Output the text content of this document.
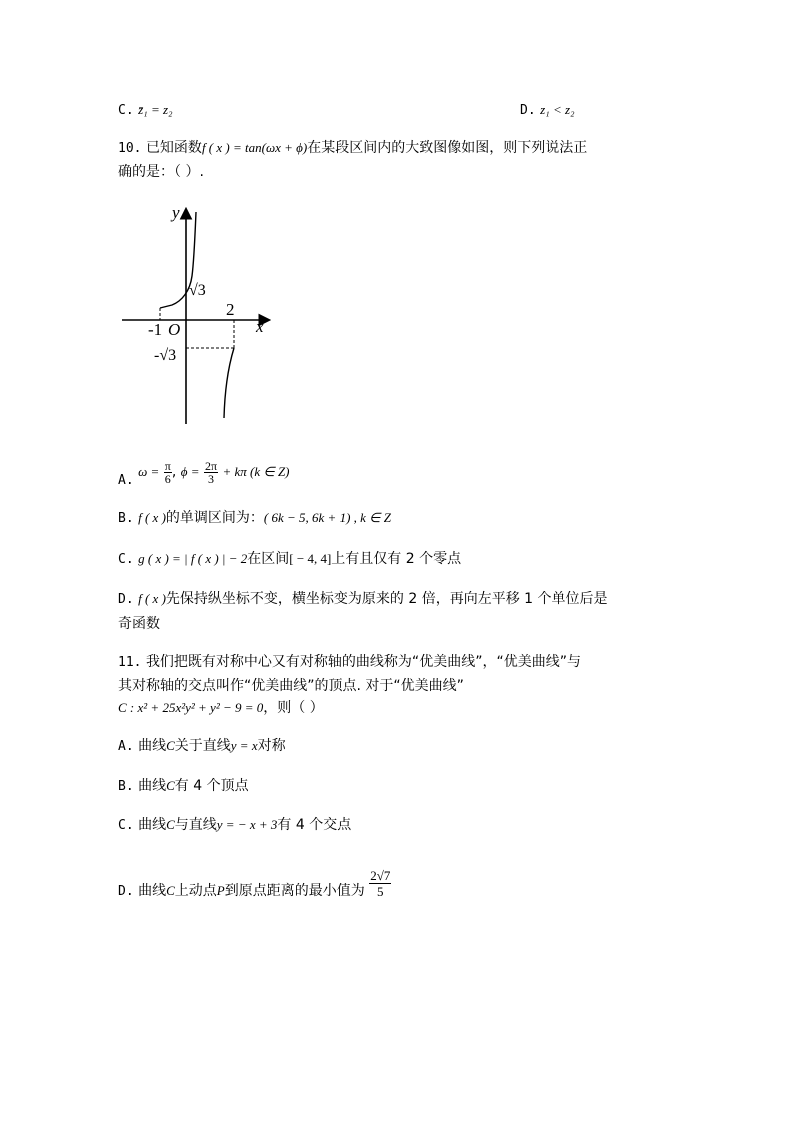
C. z̄₁ = z₂	D. z₁ < z₂
10. 已知函数f ( x ) = tan(ωx + ϕ)在某段区间内的大致图像如图，则下列说法正
确的是：（ ）.
y
x
O
-1
2
√3
-√3
A. $\omega = \frac{\pi}{6}$ , $\phi = \frac{2\pi}{3} + k\pi$ (k ∈ Z)
B. f ( x )的单调区间为：( 6k − 5, 6k + 1) , k ∈ Z
C. g ( x ) = | f ( x ) | − 2在区间[ − 4, 4]上有且仅有 2 个零点
D. f ( x )先保持纵坐标不变，横坐标变为原来的 2 倍，再向左平移 1 个单位后是
奇函数
11. 我们把既有对称中心又有对称轴的曲线称为“优美曲线”，“优美曲线”与
其对称轴的交点叫作“优美曲线”的顶点. 对于“优美曲线”
C : x² + 25x²y² + y² − 9 = 0，则（ ）
A. 曲线C关于直线y = x对称
B. 曲线C有 4 个顶点
C. 曲线C与直线y = − x + 3有 4 个交点
D. 曲线C上动点P到原点距离的最小值为 $\frac{2√7}{5}$
